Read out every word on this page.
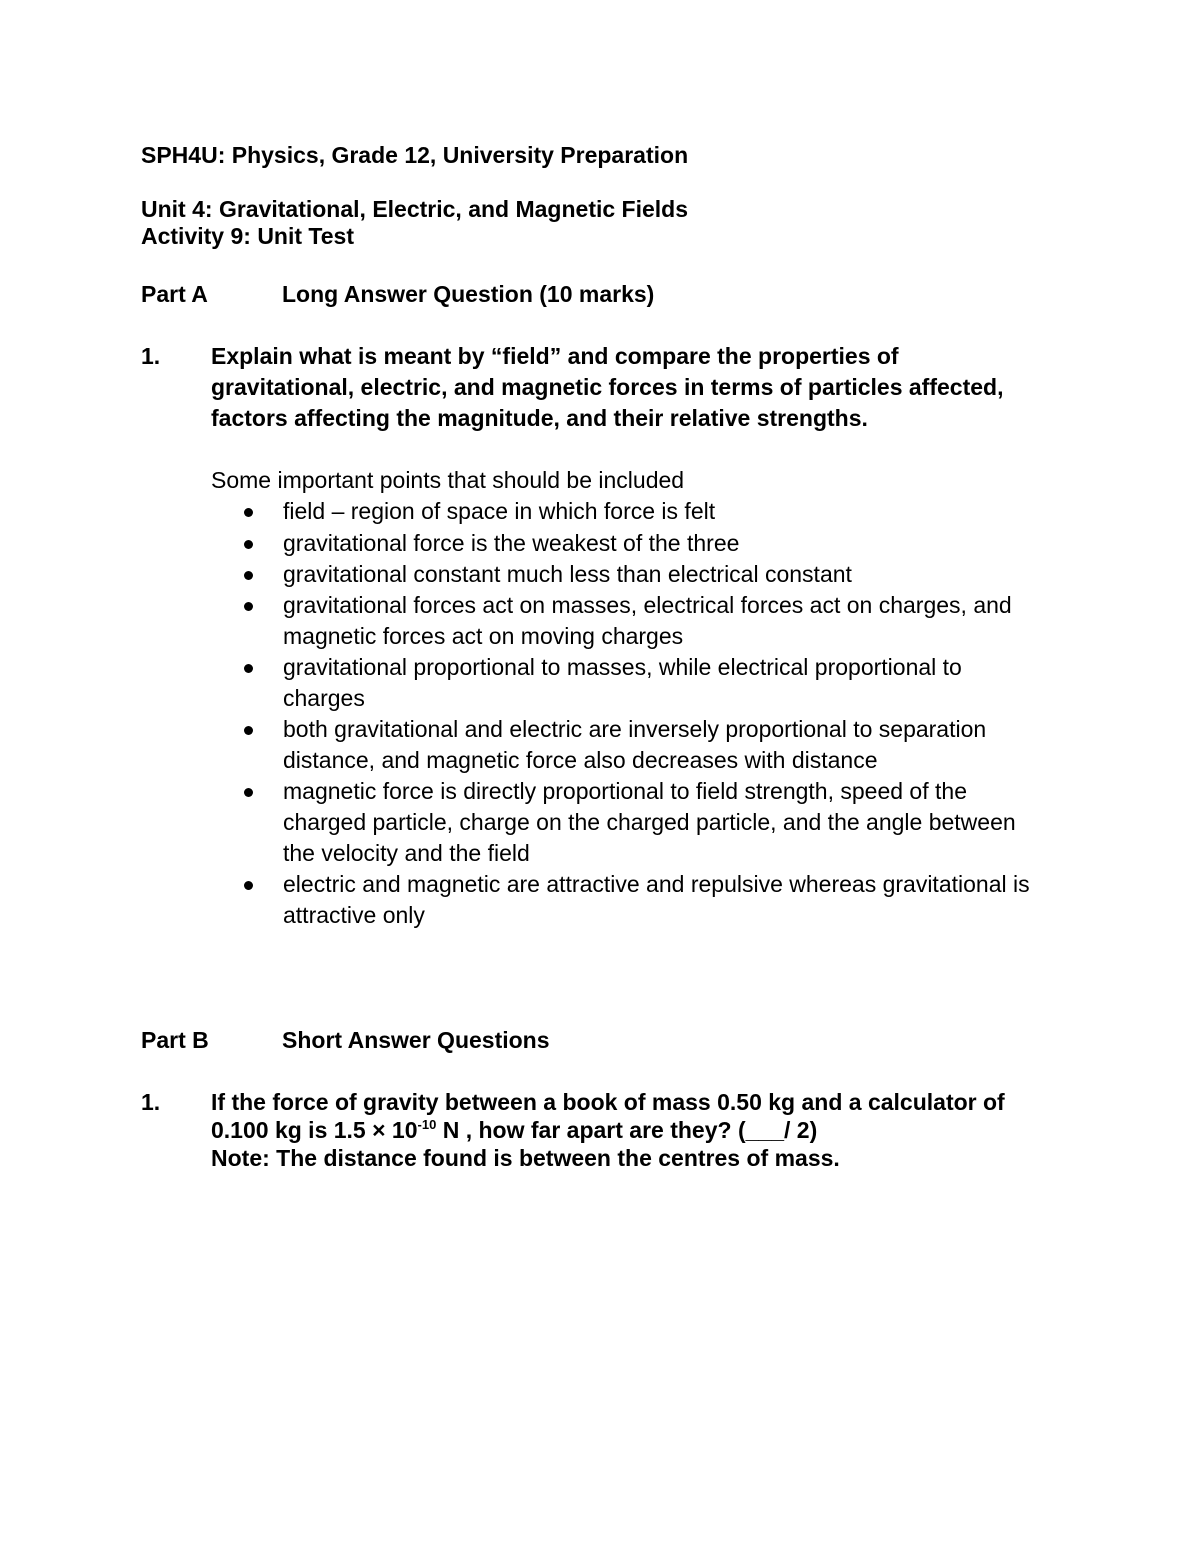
SPH4U: Physics, Grade 12, University Preparation
Unit 4: Gravitational, Electric, and Magnetic Fields
Activity 9: Unit Test
Part A	Long Answer Question (10 marks)
1. Explain what is meant by “field” and compare the properties of
gravitational, electric, and magnetic forces in terms of particles affected,
factors affecting the magnitude, and their relative strengths.
Some important points that should be included
field – region of space in which force is felt
gravitational force is the weakest of the three
gravitational constant much less than electrical constant
gravitational forces act on masses, electrical forces act on charges, and
magnetic forces act on moving charges
gravitational proportional to masses, while electrical proportional to
charges
both gravitational and electric are inversely proportional to separation
distance, and magnetic force also decreases with distance
magnetic force is directly proportional to field strength, speed of the
charged particle, charge on the charged particle, and the angle between
the velocity and the field
electric and magnetic are attractive and repulsive whereas gravitational is
attractive only
Part B	Short Answer Questions
1. If the force of gravity between a book of mass 0.50 kg and a calculator of
0.100 kg is $1.5 \times 10^{-10}$ N , how far apart are they? (___/ 2)
Note: The distance found is between the centres of mass.
